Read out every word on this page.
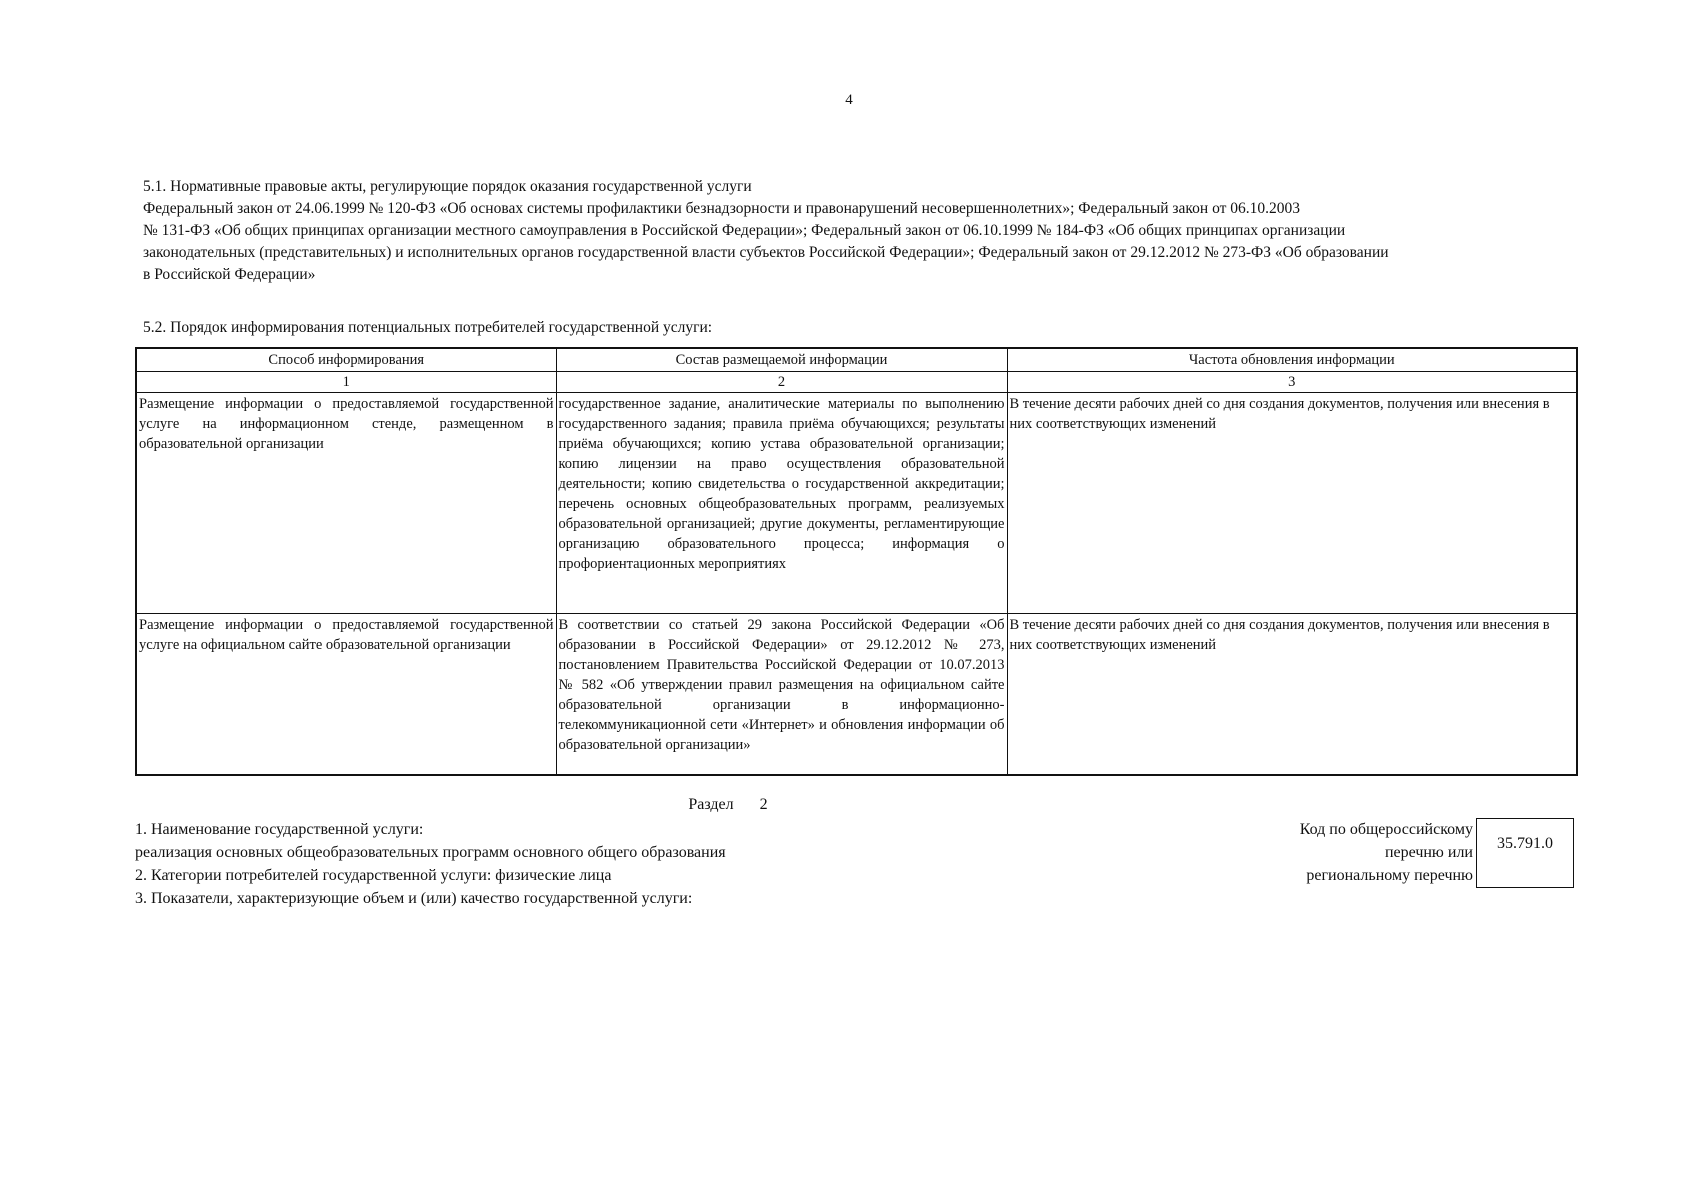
4
5.1. Нормативные правовые акты, регулирующие порядок оказания государственной услуги
Федеральный закон от 24.06.1999 № 120-ФЗ «Об основах системы профилактики безнадзорности и правонарушений несовершеннолетних»; Федеральный закон от 06.10.2003
№ 131-ФЗ «Об общих принципах организации местного самоуправления в Российской Федерации»; Федеральный закон от 06.10.1999 № 184-ФЗ «Об общих принципах организации
законодательных (представительных) и исполнительных органов государственной власти субъектов Российской Федерации»; Федеральный закон от 29.12.2012 № 273-ФЗ «Об образовании
в Российской Федерации»
5.2. Порядок информирования потенциальных потребителей государственной услуги:
Способ информирования	Состав размещаемой информации	Частота обновления информации
1	2	3
Размещение информации о предоставляемой государственной услуге на информационном стенде, размещенном в образовательной организации	государственное задание, аналитические материалы по выполнению государственного задания; правила приёма обучающихся; результаты приёма обучающихся; копию устава образовательной организации; копию лицензии на право осуществления образовательной деятельности; копию свидетельства о государственной аккредитации; перечень основных общеобразовательных программ, реализуемых образовательной организацией; другие документы, регламентирующие организацию образовательного процесса; информация о профориентационных мероприятиях	В течение десяти рабочих дней со дня создания документов, получения или внесения в них соответствующих изменений
Размещение информации о предоставляемой государственной услуге на официальном сайте образовательной организации	В соответствии со статьей 29 закона Российской Федерации «Об образовании в Российской Федерации» от 29.12.2012 № 273, постановлением Правительства Российской Федерации от 10.07.2013 № 582 «Об утверждении правил размещения на официальном сайте образовательной организации в информационно-телекоммуникационной сети «Интернет» и обновления информации об образовательной организации»	В течение десяти рабочих дней со дня создания документов, получения или внесения в них соответствующих изменений
Раздел 2
1. Наименование государственной услуги:
реализация основных общеобразовательных программ основного общего образования
2. Категории потребителей государственной услуги: физические лица
3. Показатели, характеризующие объем и (или) качество государственной услуги:
Код по общероссийскому
перечню или
региональному перечню
35.791.0
